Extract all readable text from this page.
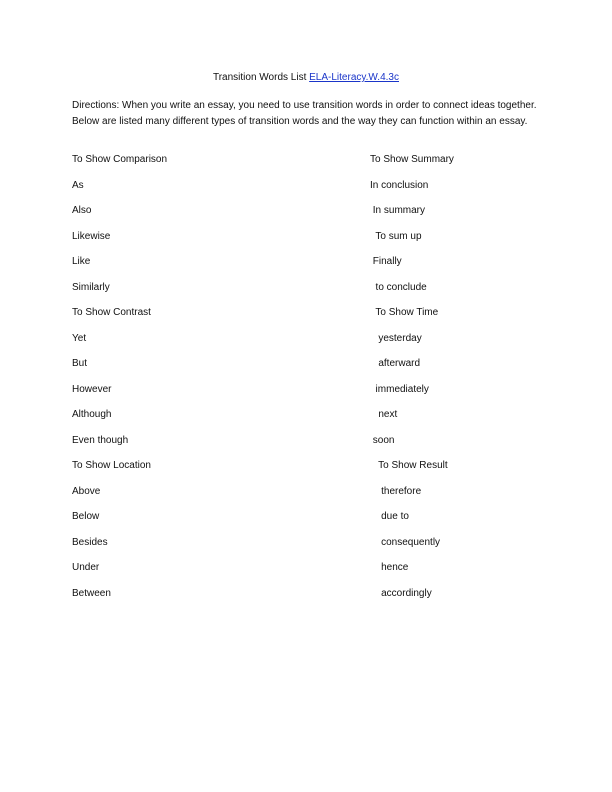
Transition Words List ELA-Literacy.W.4.3c
Directions: When you write an essay, you need to use transition words in order to connect ideas together. Below are listed many different types of transition words and the way they can function within an essay.
To Show Comparison	To Show Summary
As	In conclusion
Also	In summary
Likewise	To sum up
Like	Finally
Similarly	to conclude
To Show Contrast	To Show Time
Yet	yesterday
But	afterward
However	immediately
Although	next
Even though	soon
To Show Location	To Show Result
Above	therefore
Below	due to
Besides	consequently
Under	hence
Between	accordingly
